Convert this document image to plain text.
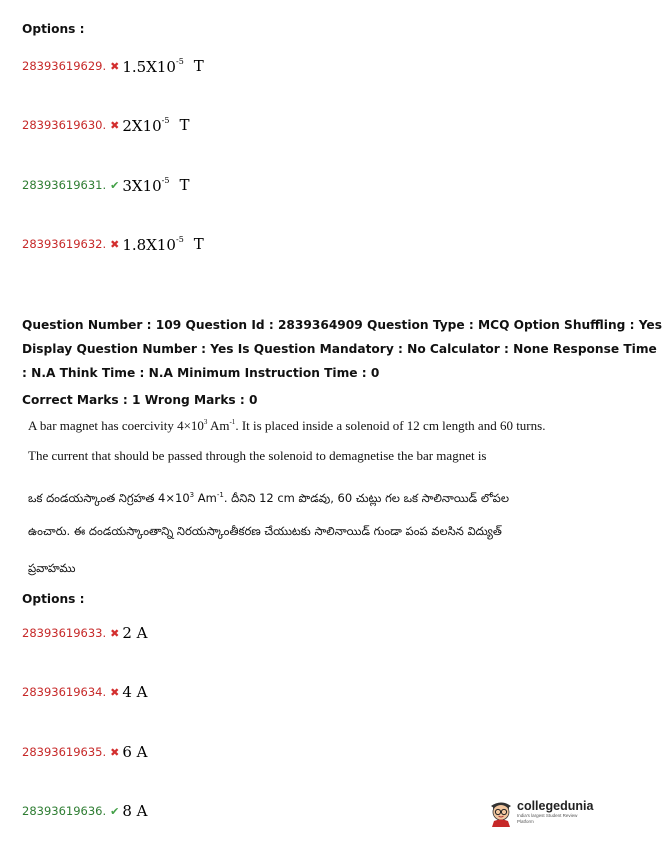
Options :
28393619629. ✖ $1.5X10^{-5}$ T
28393619630. ✖ $2X10^{-5}$ T
28393619631. ✔ $3X10^{-5}$ T
28393619632. ✖ $1.8X10^{-5}$ T
Question Number : 109 Question Id : 2839364909 Question Type : MCQ Option Shuffling : Yes
Display Question Number : Yes Is Question Mandatory : No Calculator : None Response Time
: N.A Think Time : N.A Minimum Instruction Time : 0
Correct Marks : 1 Wrong Marks : 0
A bar magnet has coercivity $4\times 10^3$ $Am^{-1}$. It is placed inside a solenoid of 12 cm length and 60 turns.
The current that should be passed through the solenoid to demagnetise the bar magnet is
ఒక దండయస్కాంత నిగ్రహత $4\times 10^3$ $Am^{-1}$. దీనిని 12 cm పొడవు, 60 చుట్లు గల ఒక సాలినాయిడ్ లోపల
ఉంచారు. ఈ దండయస్కాంతాన్ని నిరయస్కాంతీకరణ చేయుటకు సాలినాయిడ్ గుండా పంప వలసిన విద్యుత్
ప్రవాహము
Options :
28393619633. ✖ 2 A
28393619634. ✖ 4 A
28393619635. ✖ 6 A
28393619636. ✔ 8 A	collegedunia
India's largest Student Review Platform
